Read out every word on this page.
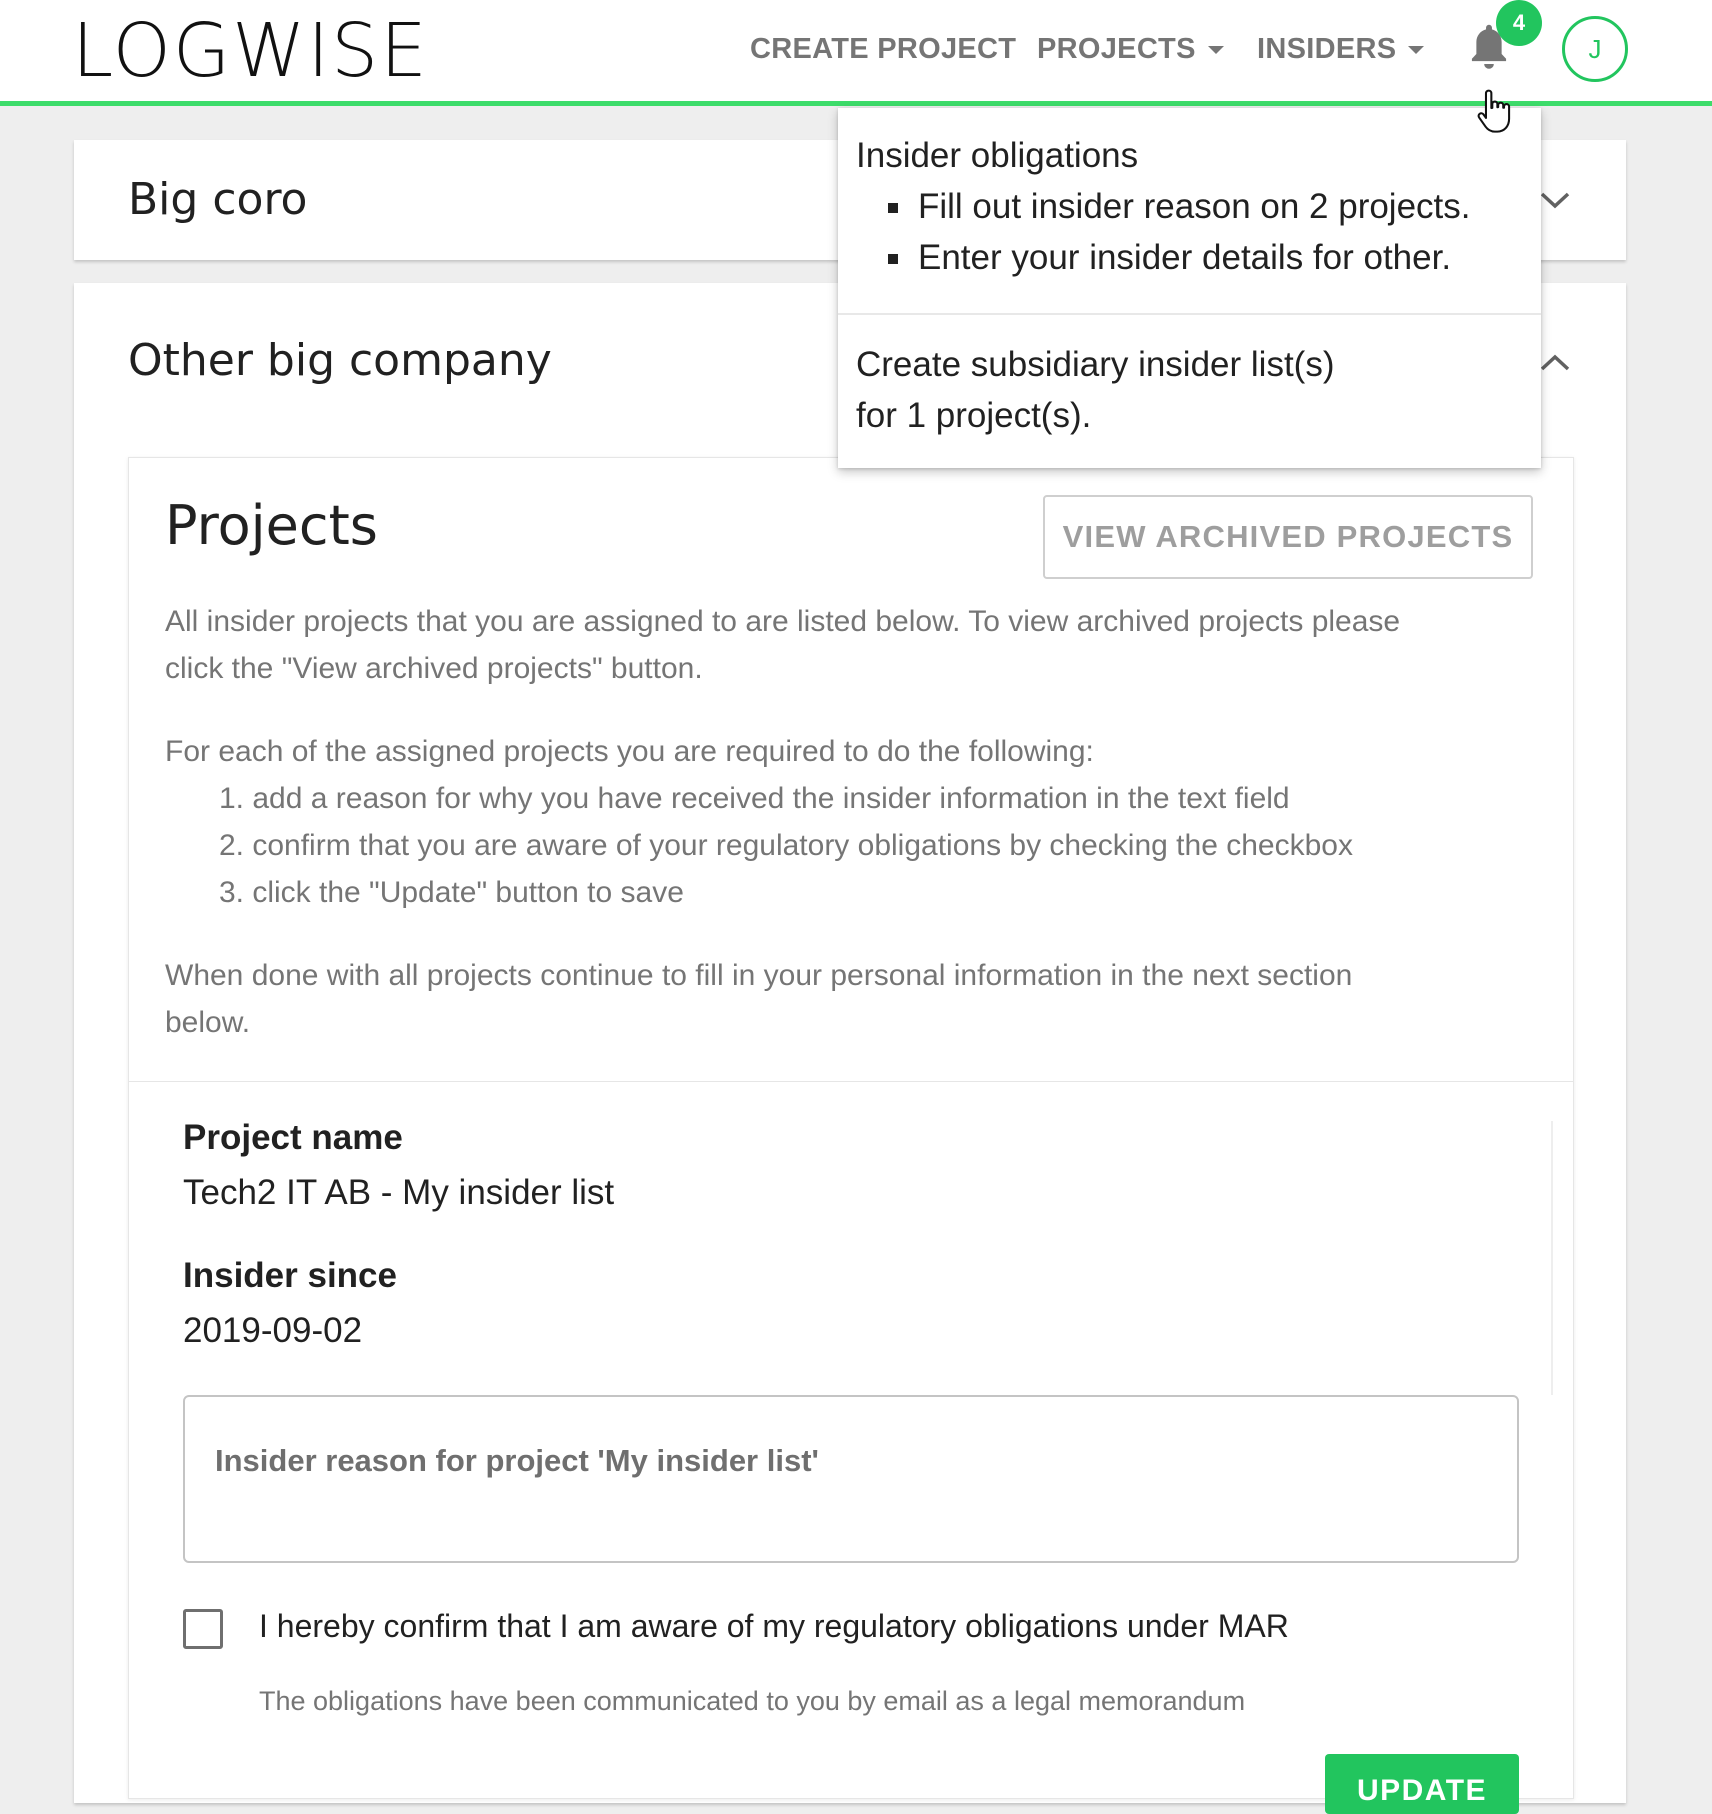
LOGWISE	CREATE PROJECT PROJECTS	INSIDERS
4
J
Big coro
Other big company
Projects	VIEW ARCHIVED PROJECTS
All insider projects that you are assigned to are listed below. To view archived projects please
click the "View archived projects" button.
For each of the assigned projects you are required to do the following:
1. add a reason for why you have received the insider information in the text field
2. confirm that you are aware of your regulatory obligations by checking the checkbox
3. click the "Update" button to save
When done with all projects continue to fill in your personal information in the next section
below.
Project name
Tech2 IT AB - My insider list
Insider since
2019-09-02
Insider reason for project 'My insider list'
I hereby confirm that I am aware of my regulatory obligations under MAR
The obligations have been communicated to you by email as a legal memorandum
UPDATE
Insider obligations
Fill out insider reason on 2 projects.
Enter your insider details for other.
Create subsidiary insider list(s)
for 1 project(s).
